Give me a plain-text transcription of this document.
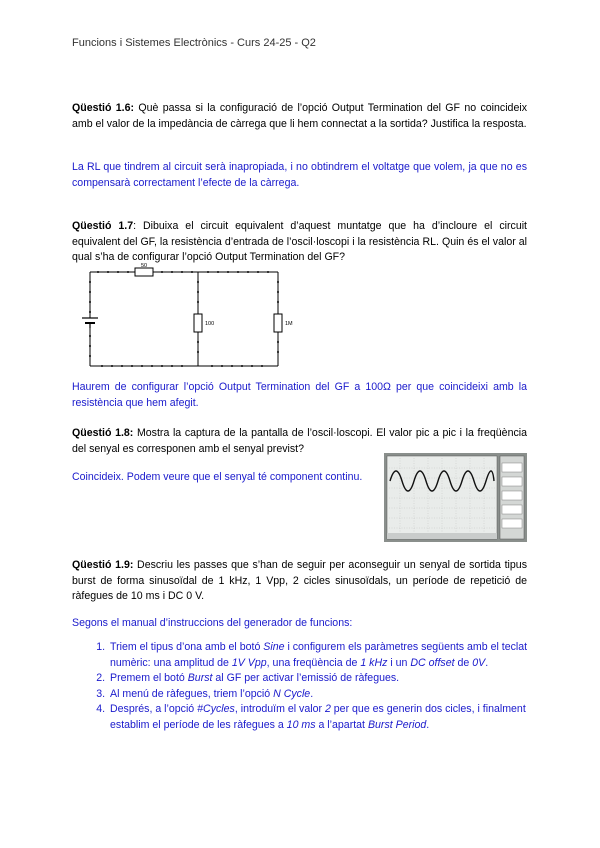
Funcions i Sistemes Electrònics - Curs 24-25 - Q2

Qüestió 1.6: Què passa si la configuració de l’opció Output Termination del GF no coincideix amb el valor de la impedància de càrrega que li hem connectat a la sortida? Justifica la resposta.

La RL que tindrem al circuit serà inapropiada, i no obtindrem el voltatge que volem, ja que no es compensarà correctament l’efecte de la càrrega.

Qüestió 1.7: Dibuixa el circuit equivalent d’aquest muntatge que ha d’incloure el circuit equivalent del GF, la resistència d’entrada de l’oscil·loscopi i la resistència RL. Quin és el valor al qual s’ha de configurar l’opció Output Termination del GF?

50
100	1M

Haurem de configurar l’opció Output Termination del GF a 100Ω per que coincideixi amb la resistència que hem afegit.

Qüestió 1.8: Mostra la captura de la pantalla de l’oscil·loscopi. El valor pic a pic i la freqüència del senyal es corresponen amb el senyal previst?

Coincideix. Podem veure que el senyal té component continu.

Qüestió 1.9: Descriu les passes que s’han de seguir per aconseguir un senyal de sortida tipus burst de forma sinusoïdal de 1 kHz, 1 Vpp, 2 cicles sinusoïdals, un període de repetició de ràfegues de 10 ms i DC 0 V.

Segons el manual d’instruccions del generador de funcions:

1. Triem el tipus d’ona amb el botó Sine i configurem els paràmetres següents amb el teclat numèric: una amplitud de 1V Vpp, una freqüència de 1 kHz i un DC offset de 0V.
2. Premem el botó Burst al GF per activar l’emissió de ràfegues.
3. Al menú de ràfegues, triem l’opció N Cycle.
4. Després, a l’opció #Cycles, introduïm el valor 2 per que es generin dos cicles, i finalment establim el període de les ràfegues a 10 ms a l’apartat Burst Period.
